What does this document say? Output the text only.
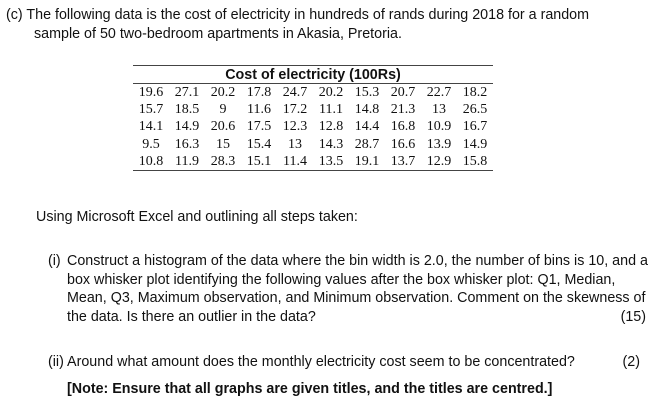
(c) The following data is the cost of electricity in hundreds of rands during 2018 for a random
sample of 50 two-bedroom apartments in Akasia, Pretoria.
Cost of electricity (100Rs)									
19.6	27.1	20.2	17.8	24.7	20.2	15.3	20.7	22.7	18.2
15.7	18.5	9	11.6	17.2	11.1	14.8	21.3	13	26.5
14.1	14.9	20.6	17.5	12.3	12.8	14.4	16.8	10.9	16.7
9.5	16.3	15	15.4	13	14.3	28.7	16.6	13.9	14.9
10.8	11.9	28.3	15.1	11.4	13.5	19.1	13.7	12.9	15.8
Using Microsoft Excel and outlining all steps taken:
(i) Construct a histogram of the data where the bin width is 2.0, the number of bins is 10, and a box whisker plot identifying the following values after the box whisker plot: Q1, Median, Mean, Q3, Maximum observation, and Minimum observation. Comment on the skewness of the data. Is there an outlier in the data?	(15)
(ii) Around what amount does the monthly electricity cost seem to be concentrated?	(2)
[Note: Ensure that all graphs are given titles, and the titles are centred.]
